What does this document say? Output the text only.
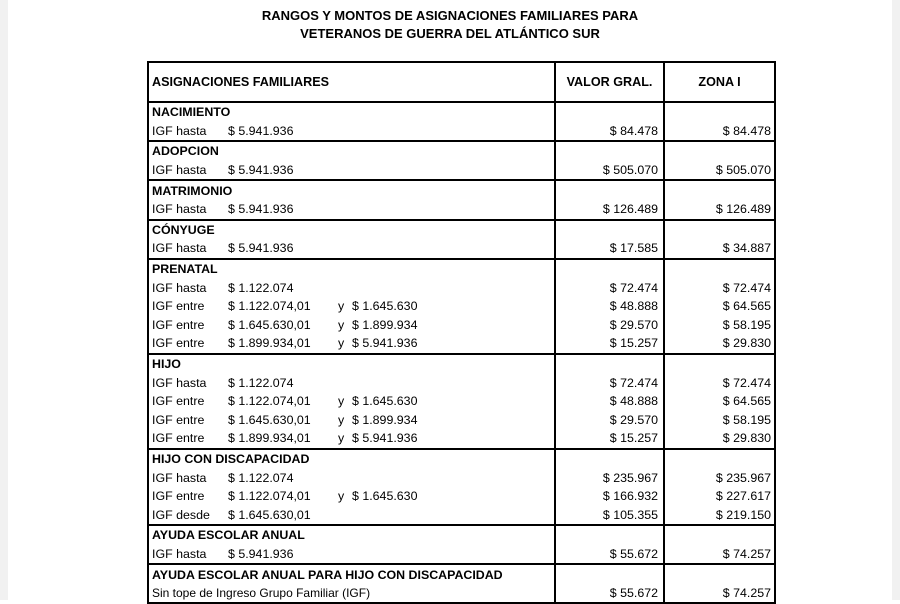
RANGOS Y MONTOS DE ASIGNACIONES FAMILIARES PARA
VETERANOS DE GUERRA DEL ATLÁNTICO SUR
ASIGNACIONES FAMILIARES	VALOR GRAL.	ZONA I
NACIMIENTO		

IGF hasta $ 5.941.936	$ 84.478	$ 84.478
ADOPCION		

IGF hasta $ 5.941.936	$ 505.070	$ 505.070
MATRIMONIO		

IGF hasta $ 5.941.936	$ 126.489	$ 126.489
CÓNYUGE		

IGF hasta $ 5.941.936	$ 17.585	$ 34.887
PRENATAL		

IGF hasta $ 1.122.074	$ 72.474	$ 72.474

IGF entre $ 1.122.074,01 y $ 1.645.630	$ 48.888	$ 64.565

IGF entre $ 1.645.630,01 y $ 1.899.934	$ 29.570	$ 58.195

IGF entre $ 1.899.934,01 y $ 5.941.936	$ 15.257	$ 29.830
HIJO		

IGF hasta $ 1.122.074	$ 72.474	$ 72.474

IGF entre $ 1.122.074,01 y $ 1.645.630	$ 48.888	$ 64.565

IGF entre $ 1.645.630,01 y $ 1.899.934	$ 29.570	$ 58.195

IGF entre $ 1.899.934,01 y $ 5.941.936	$ 15.257	$ 29.830
HIJO CON DISCAPACIDAD		

IGF hasta $ 1.122.074	$ 235.967	$ 235.967

IGF entre $ 1.122.074,01 y $ 1.645.630	$ 166.932	$ 227.617

IGF desde $ 1.645.630,01	$ 105.355	$ 219.150
AYUDA ESCOLAR ANUAL		

IGF hasta $ 5.941.936	$ 55.672	$ 74.257
AYUDA ESCOLAR ANUAL PARA HIJO CON DISCAPACIDAD		
Sin tope de Ingreso Grupo Familiar (IGF)	$ 55.672	$ 74.257
